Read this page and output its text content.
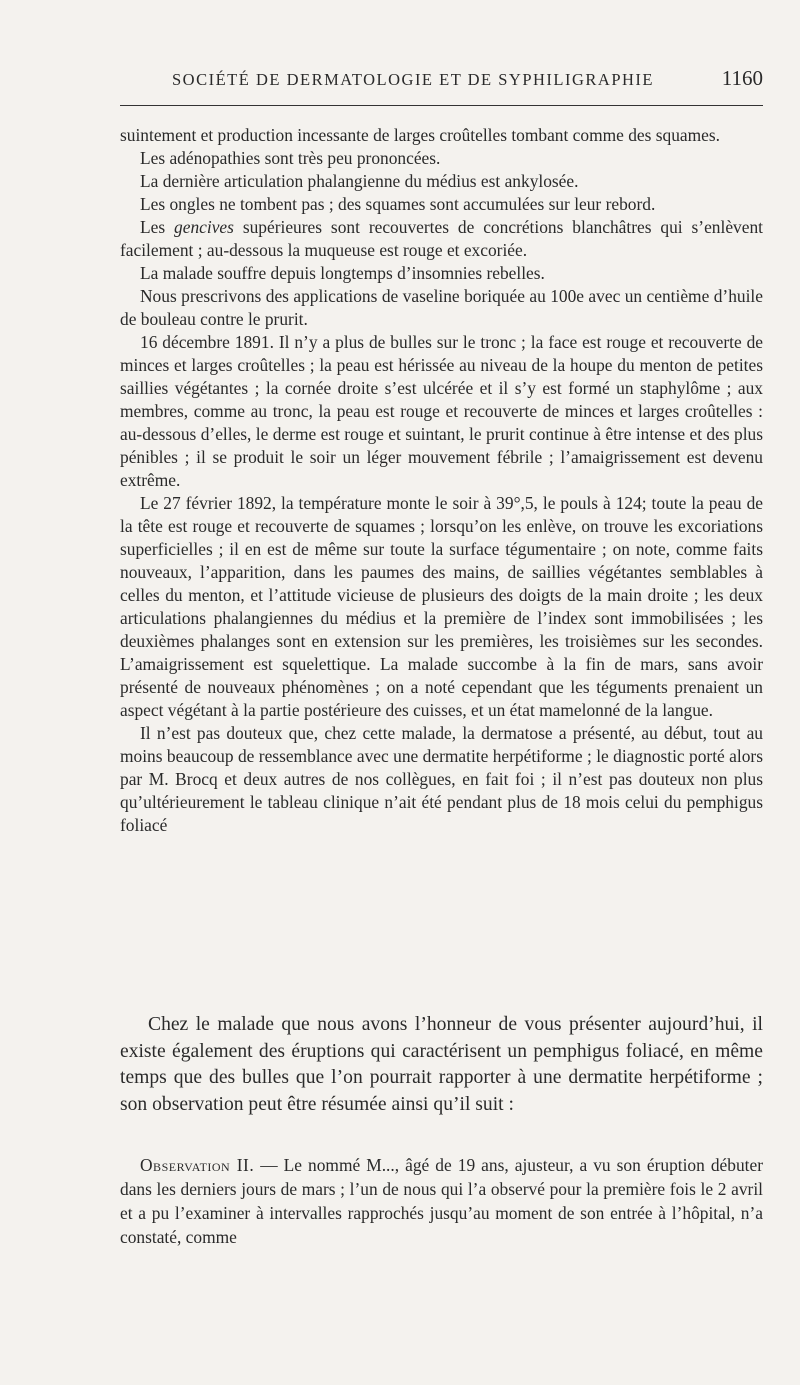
SOCIÉTÉ DE DERMATOLOGIE ET DE SYPHILIGRAPHIE	1160

suintement et production incessante de larges croûtelles tombant comme des squames.

Les adénopathies sont très peu prononcées.

La dernière articulation phalangienne du médius est ankylosée.

Les ongles ne tombent pas ; des squames sont accumulées sur leur rebord.

Les gencives supérieures sont recouvertes de concrétions blanchâtres qui s’enlèvent facilement ; au-dessous la muqueuse est rouge et excoriée.

La malade souffre depuis longtemps d’insomnies rebelles.

Nous prescrivons des applications de vaseline boriquée au 100e avec un centième d’huile de bouleau contre le prurit.

16 décembre 1891. Il n’y a plus de bulles sur le tronc ; la face est rouge et recouverte de minces et larges croûtelles ; la peau est hérissée au niveau de la houpe du menton de petites saillies végétantes ; la cornée droite s’est ulcérée et il s’y est formé un staphylôme ; aux membres, comme au tronc, la peau est rouge et recouverte de minces et larges croûtelles : au-dessous d’elles, le derme est rouge et suintant, le prurit continue à être intense et des plus pénibles ; il se produit le soir un léger mouvement fébrile ; l’amaigrissement est devenu extrême.

Le 27 février 1892, la température monte le soir à 39°,5, le pouls à 124; toute la peau de la tête est rouge et recouverte de squames ; lorsqu’on les enlève, on trouve les excoriations superficielles ; il en est de même sur toute la surface tégumentaire ; on note, comme faits nouveaux, l’apparition, dans les paumes des mains, de saillies végétantes semblables à celles du menton, et l’attitude vicieuse de plusieurs des doigts de la main droite ; les deux articulations phalangiennes du médius et la première de l’index sont immobilisées ; les deuxièmes phalanges sont en extension sur les premières, les troisièmes sur les secondes. L’amaigrissement est squelettique. La malade succombe à la fin de mars, sans avoir présenté de nouveaux phénomènes ; on a noté cependant que les téguments prenaient un aspect végétant à la partie postérieure des cuisses, et un état mamelonné de la langue.

Il n’est pas douteux que, chez cette malade, la dermatose a présenté, au début, tout au moins beaucoup de ressemblance avec une dermatite herpétiforme ; le diagnostic porté alors par M. Brocq et deux autres de nos collègues, en fait foi ; il n’est pas douteux non plus qu’ultérieurement le tableau clinique n’ait été pendant plus de 18 mois celui du pemphigus foliacé

Chez le malade que nous avons l’honneur de vous présenter aujourd’hui, il existe également des éruptions qui caractérisent un pemphigus foliacé, en même temps que des bulles que l’on pourrait rapporter à une dermatite herpétiforme ; son observation peut être résumée ainsi qu’il suit :

Observation II. — Le nommé M..., âgé de 19 ans, ajusteur, a vu son éruption débuter dans les derniers jours de mars ; l’un de nous qui l’a observé pour la première fois le 2 avril et a pu l’examiner à intervalles rapprochés jusqu’au moment de son entrée à l’hôpital, n’a constaté, comme
